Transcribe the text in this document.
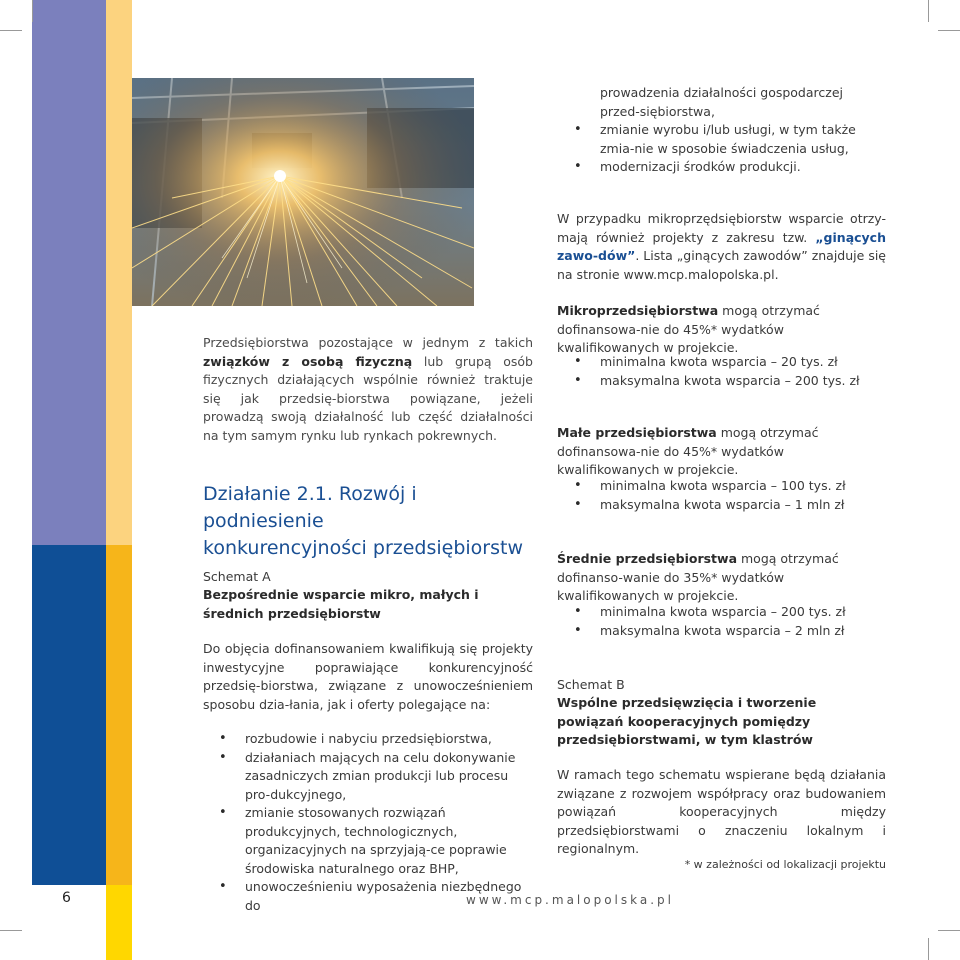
Przedsiębiorstwa pozostające w jednym z takich związków z osobą fizyczną lub grupą osób fizycznych działających wspólnie również traktuje się jak przedsię-biorstwa powiązane, jeżeli prowadzą swoją działalność lub część działalności na tym samym rynku lub rynkach pokrewnych.

Działanie 2.1. Rozwój i podniesienie
konkurencyjności przedsiębiorstw

Schemat A

Bezpośrednie wsparcie mikro, małych i średnich przedsiębiorstw

Do objęcia dofinansowaniem kwalifikują się projekty inwestycyjne poprawiające konkurencyjność przedsię-biorstwa, związane z unowocześnieniem sposobu dzia-łania, jak i oferty polegające na:

• rozbudowie i nabyciu przedsiębiorstwa,
• działaniach mających na celu dokonywanie zasadniczych zmian produkcji lub procesu pro-dukcyjnego,
• zmianie stosowanych rozwiązań produkcyjnych, technologicznych, organizacyjnych na sprzyjają-ce poprawie środowiska naturalnego oraz BHP,
• unowocześnieniu wyposażenia niezbędnego do

prowadzenia działalności gospodarczej przed-siębiorstwa,

• zmianie wyrobu i/lub usługi, w tym także zmia-nie w sposobie świadczenia usług,
• modernizacji środków produkcji.

W przypadku mikroprzędsiębiorstw wsparcie otrzy-mają również projekty z zakresu tzw. „ginących zawo-dów”. Lista „ginących zawodów” znajduje się na stronie www.mcp.malopolska.pl.

Mikroprzedsiębiorstwa mogą otrzymać dofinansowa-nie do 45%* wydatków kwalifikowanych w projekcie.

• minimalna kwota wsparcia – 20 tys. zł
• maksymalna kwota wsparcia – 200 tys. zł

Małe przedsiębiorstwa mogą otrzymać dofinansowa-nie do 45%* wydatków kwalifikowanych w projekcie.

• minimalna kwota wsparcia – 100 tys. zł
• maksymalna kwota wsparcia – 1 mln zł

Średnie przedsiębiorstwa mogą otrzymać dofinanso-wanie do 35%* wydatków kwalifikowanych w projekcie.

• minimalna kwota wsparcia – 200 tys. zł
• maksymalna kwota wsparcia – 2 mln zł

Schemat B

Wspólne przedsięwzięcia i tworzenie powiązań kooperacyjnych pomiędzy przedsiębiorstwami, w tym klastrów

W ramach tego schematu wspierane będą działania związane z rozwojem współpracy oraz budowaniem powiązań kooperacyjnych między przedsiębiorstwami o znaczeniu lokalnym i regionalnym.

* w zależności od lokalizacji projektu

6	www.mcp.malopolska.pl
